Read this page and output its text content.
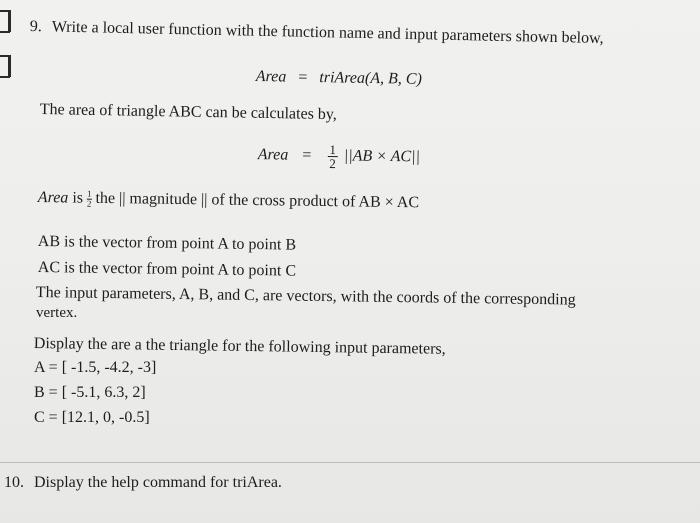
9. Write a local user function with the function name and input parameters shown below,
Area = triArea(A, B, C)
The area of triangle ABC can be calculates by,
Area = $\frac{1}{2} ||AB \times AC||$
Area is $\frac{1}{2}$ the || magnitude || of the cross product of AB × AC
AB is the vector from point A to point B
AC is the vector from point A to point C
The input parameters, A, B, and C, are vectors, with the coords of the corresponding
vertex.
Display the are a the triangle for the following input parameters,
A = [ -1.5, -4.2, -3]
B = [ -5.1, 6.3, 2]
C = [12.1, 0, -0.5]
10. Display the help command for triArea.
